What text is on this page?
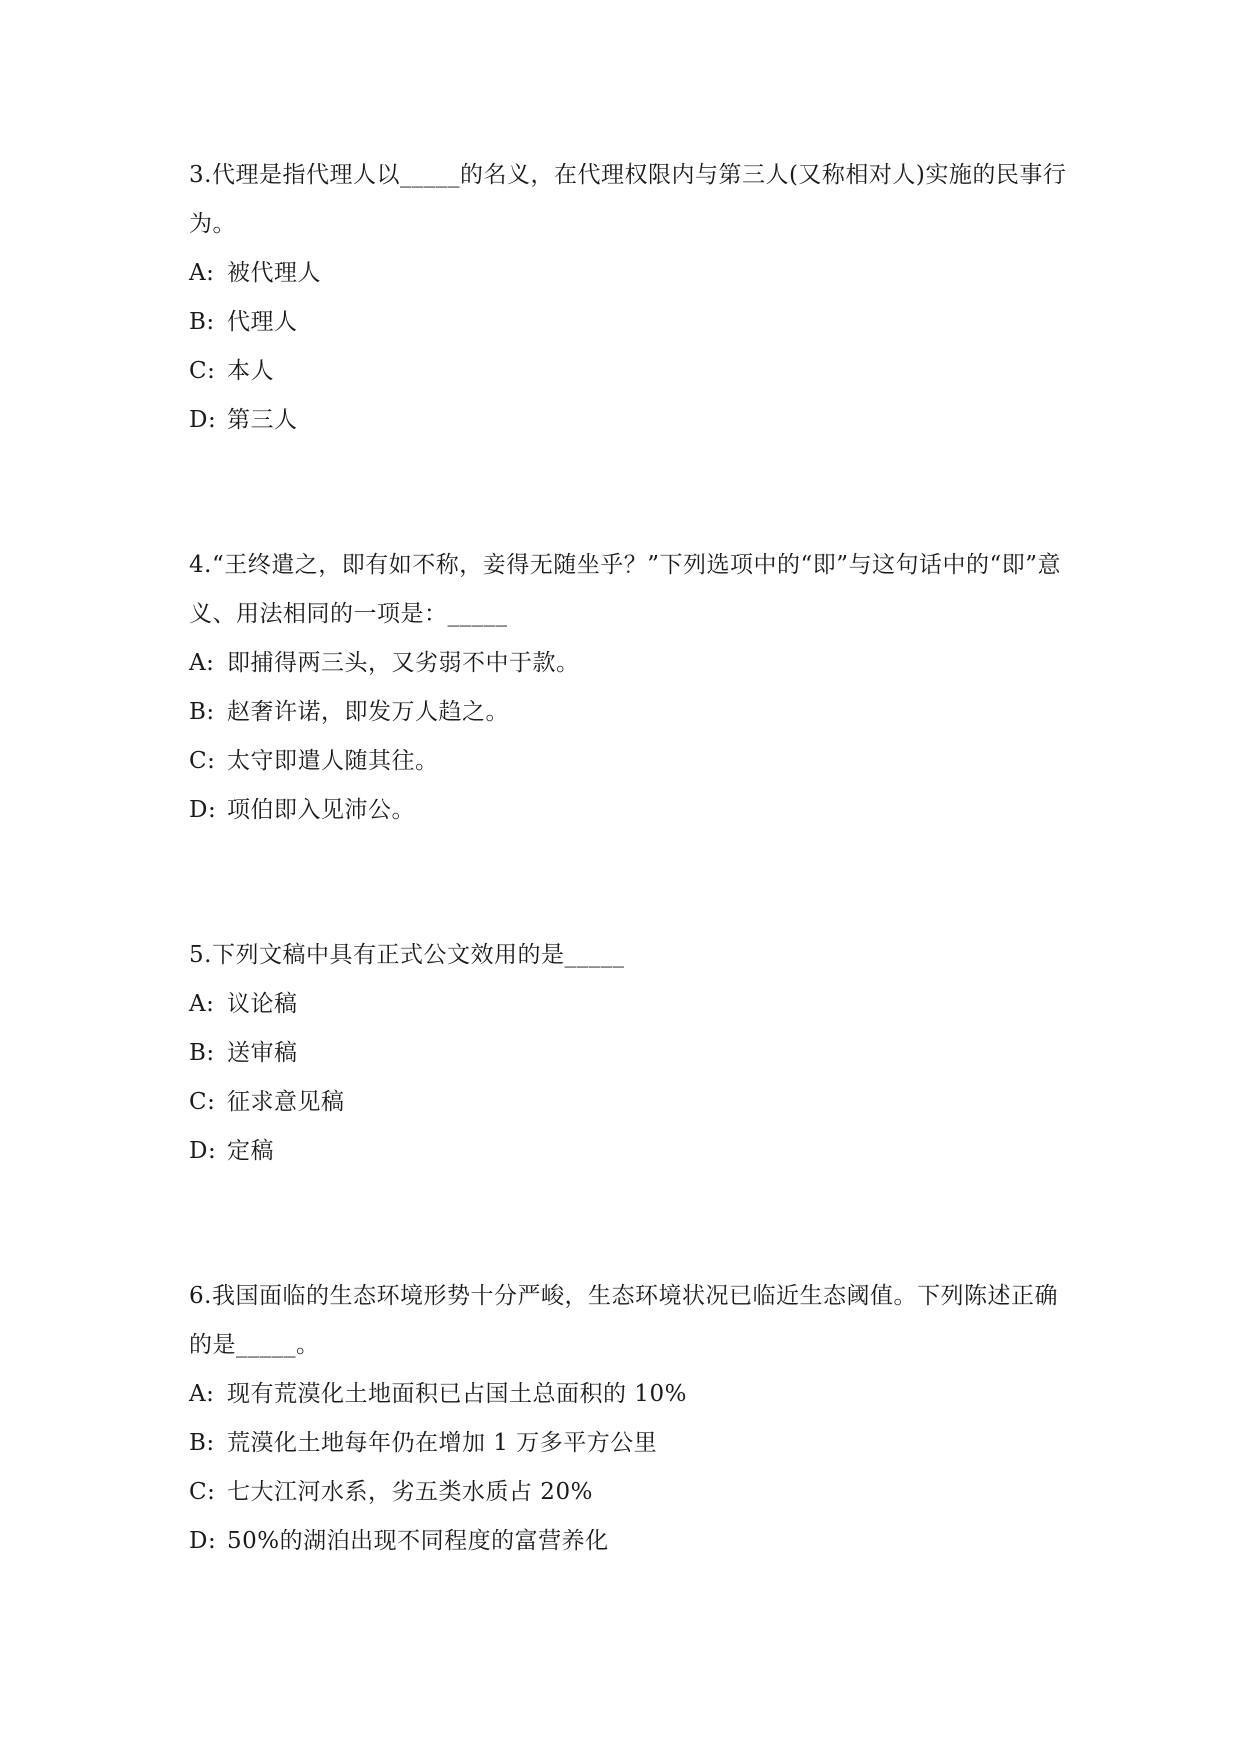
3.代理是指代理人以_____的名义，在代理权限内与第三人(又称相对人)实施的民事行为。

A: 被代理人

B: 代理人

C: 本人

D: 第三人

4.“王终遣之，即有如不称，妾得无随坐乎？”下列选项中的“即”与这句话中的“即”意义、用法相同的一项是：_____

A: 即捕得两三头，又劣弱不中于款。

B: 赵奢许诺，即发万人趋之。

C: 太守即遣人随其往。

D: 项伯即入见沛公。

5.下列文稿中具有正式公文效用的是_____

A: 议论稿

B: 送审稿

C: 征求意见稿

D: 定稿

6.我国面临的生态环境形势十分严峻，生态环境状况已临近生态阈值。下列陈述正确的是_____。

A: 现有荒漠化土地面积已占国土总面积的 10%

B: 荒漠化土地每年仍在增加 1 万多平方公里

C: 七大江河水系，劣五类水质占 20%

D: 50%的湖泊出现不同程度的富营养化
